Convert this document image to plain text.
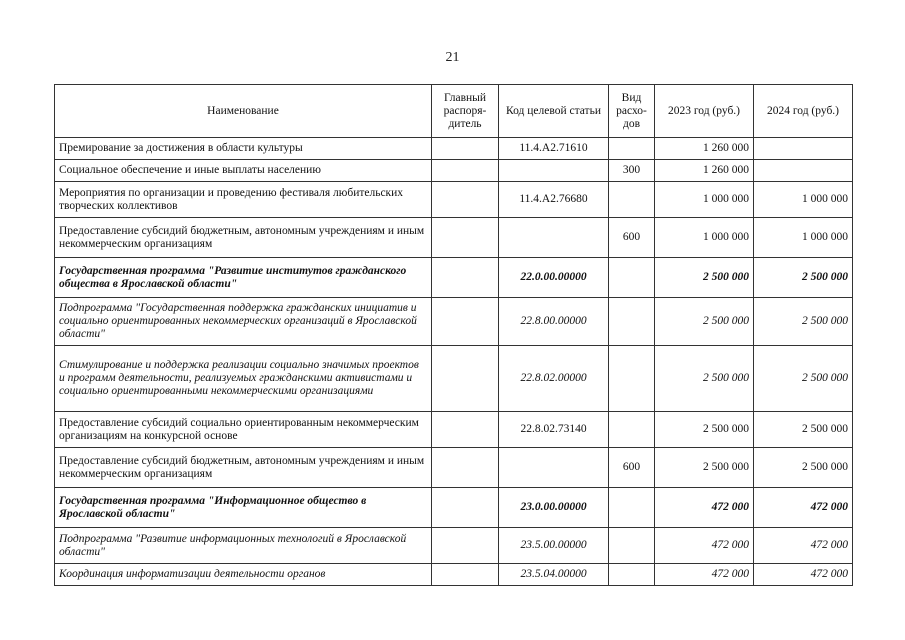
21
Наименование	Главный распоря-дитель	Код целевой статьи	Вид расхо-дов	2023 год (руб.)	2024 год (руб.)
Премирование за достижения в области культуры		11.4.А2.71610		1 260 000	
Социальное обеспечение и иные выплаты населению			300	1 260 000	
Мероприятия по организации и проведению фестиваля любительских творческих коллективов		11.4.А2.76680		1 000 000	1 000 000
Предоставление субсидий бюджетным, автономным учреждениям и иным некоммерческим организациям			600	1 000 000	1 000 000
Государственная программа "Развитие институтов гражданского общества в Ярославской области"		22.0.00.00000		2 500 000	2 500 000
Подпрограмма "Государственная поддержка гражданских инициатив и социально ориентированных некоммерческих организаций в Ярославской области"		22.8.00.00000		2 500 000	2 500 000
Стимулирование и поддержка реализации социально значимых проектов и программ деятельности, реализуемых гражданскими активистами и социально ориентированными некоммерческими организациями		22.8.02.00000		2 500 000	2 500 000
Предоставление субсидий социально ориентированным некоммерческим организациям на конкурсной основе		22.8.02.73140		2 500 000	2 500 000
Предоставление субсидий бюджетным, автономным учреждениям и иным некоммерческим организациям			600	2 500 000	2 500 000
Государственная программа "Информационное общество в Ярославской области"		23.0.00.00000		472 000	472 000
Подпрограмма "Развитие информационных технологий в Ярославской области"		23.5.00.00000		472 000	472 000
Координация информатизации деятельности органов		23.5.04.00000		472 000	472 000
